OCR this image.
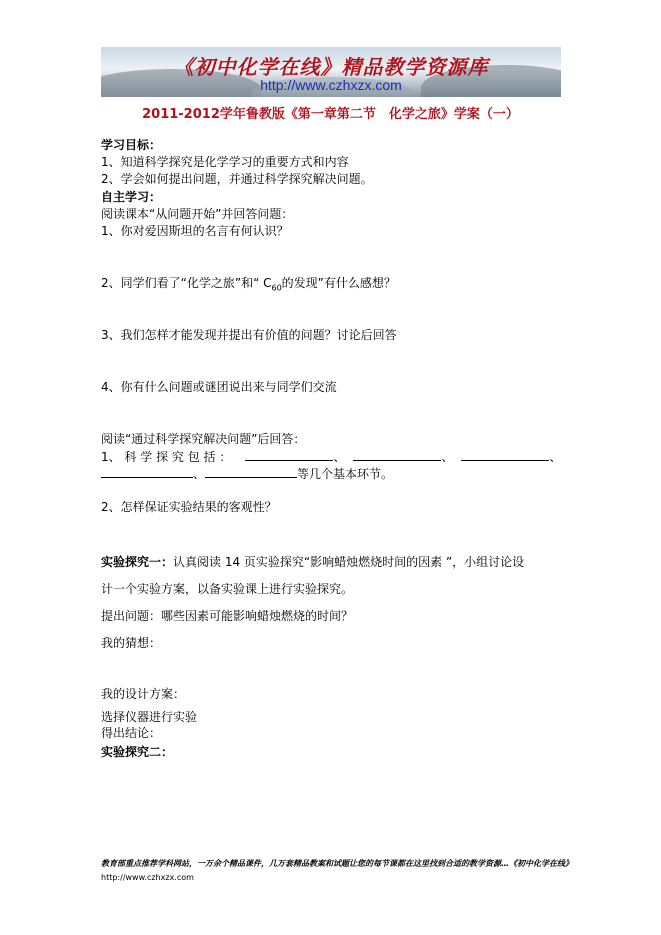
《初中化学在线》精品教学资源库
http://www.czhxzx.com
2011-2012学年鲁教版《第一章第二节　化学之旅》学案（一）
学习目标：
1、知道科学探究是化学学习的重要方式和内容
2、学会如何提出问题，并通过科学探究解决问题。
自主学习：
阅读课本“从问题开始”并回答问题：
1、你对爱因斯坦的名言有何认识？
2、同学们看了“化学之旅”和“ $C_{60}$的发现”有什么感想？
3、我们怎样才能发现并提出有价值的问题？讨论后回答
4、你有什么问题或谜团说出来与同学们交流
阅读“通过科学探究解决问题”后回答：
1、 科 学 探 究 包 括 ：	、	、	、
、	等几个基本环节。
2、怎样保证实验结果的客观性？
实验探究一：认真阅读 14 页实验探究“影响蜡烛燃烧时间的因素 ”，小组讨论设
计一个实验方案，以备实验课上进行实验探究。
提出问题：哪些因素可能影响蜡烛燃烧的时间？
我的猜想：
我的设计方案：
选择仪器进行实验
得出结论：
实验探究二：
教育部重点推荐学科网站，一万余个精品课件，几万套精品教案和试题让您的每节课都在这里找到合适的教学资源…《初中化学在线》http://www.czhxzx.com
